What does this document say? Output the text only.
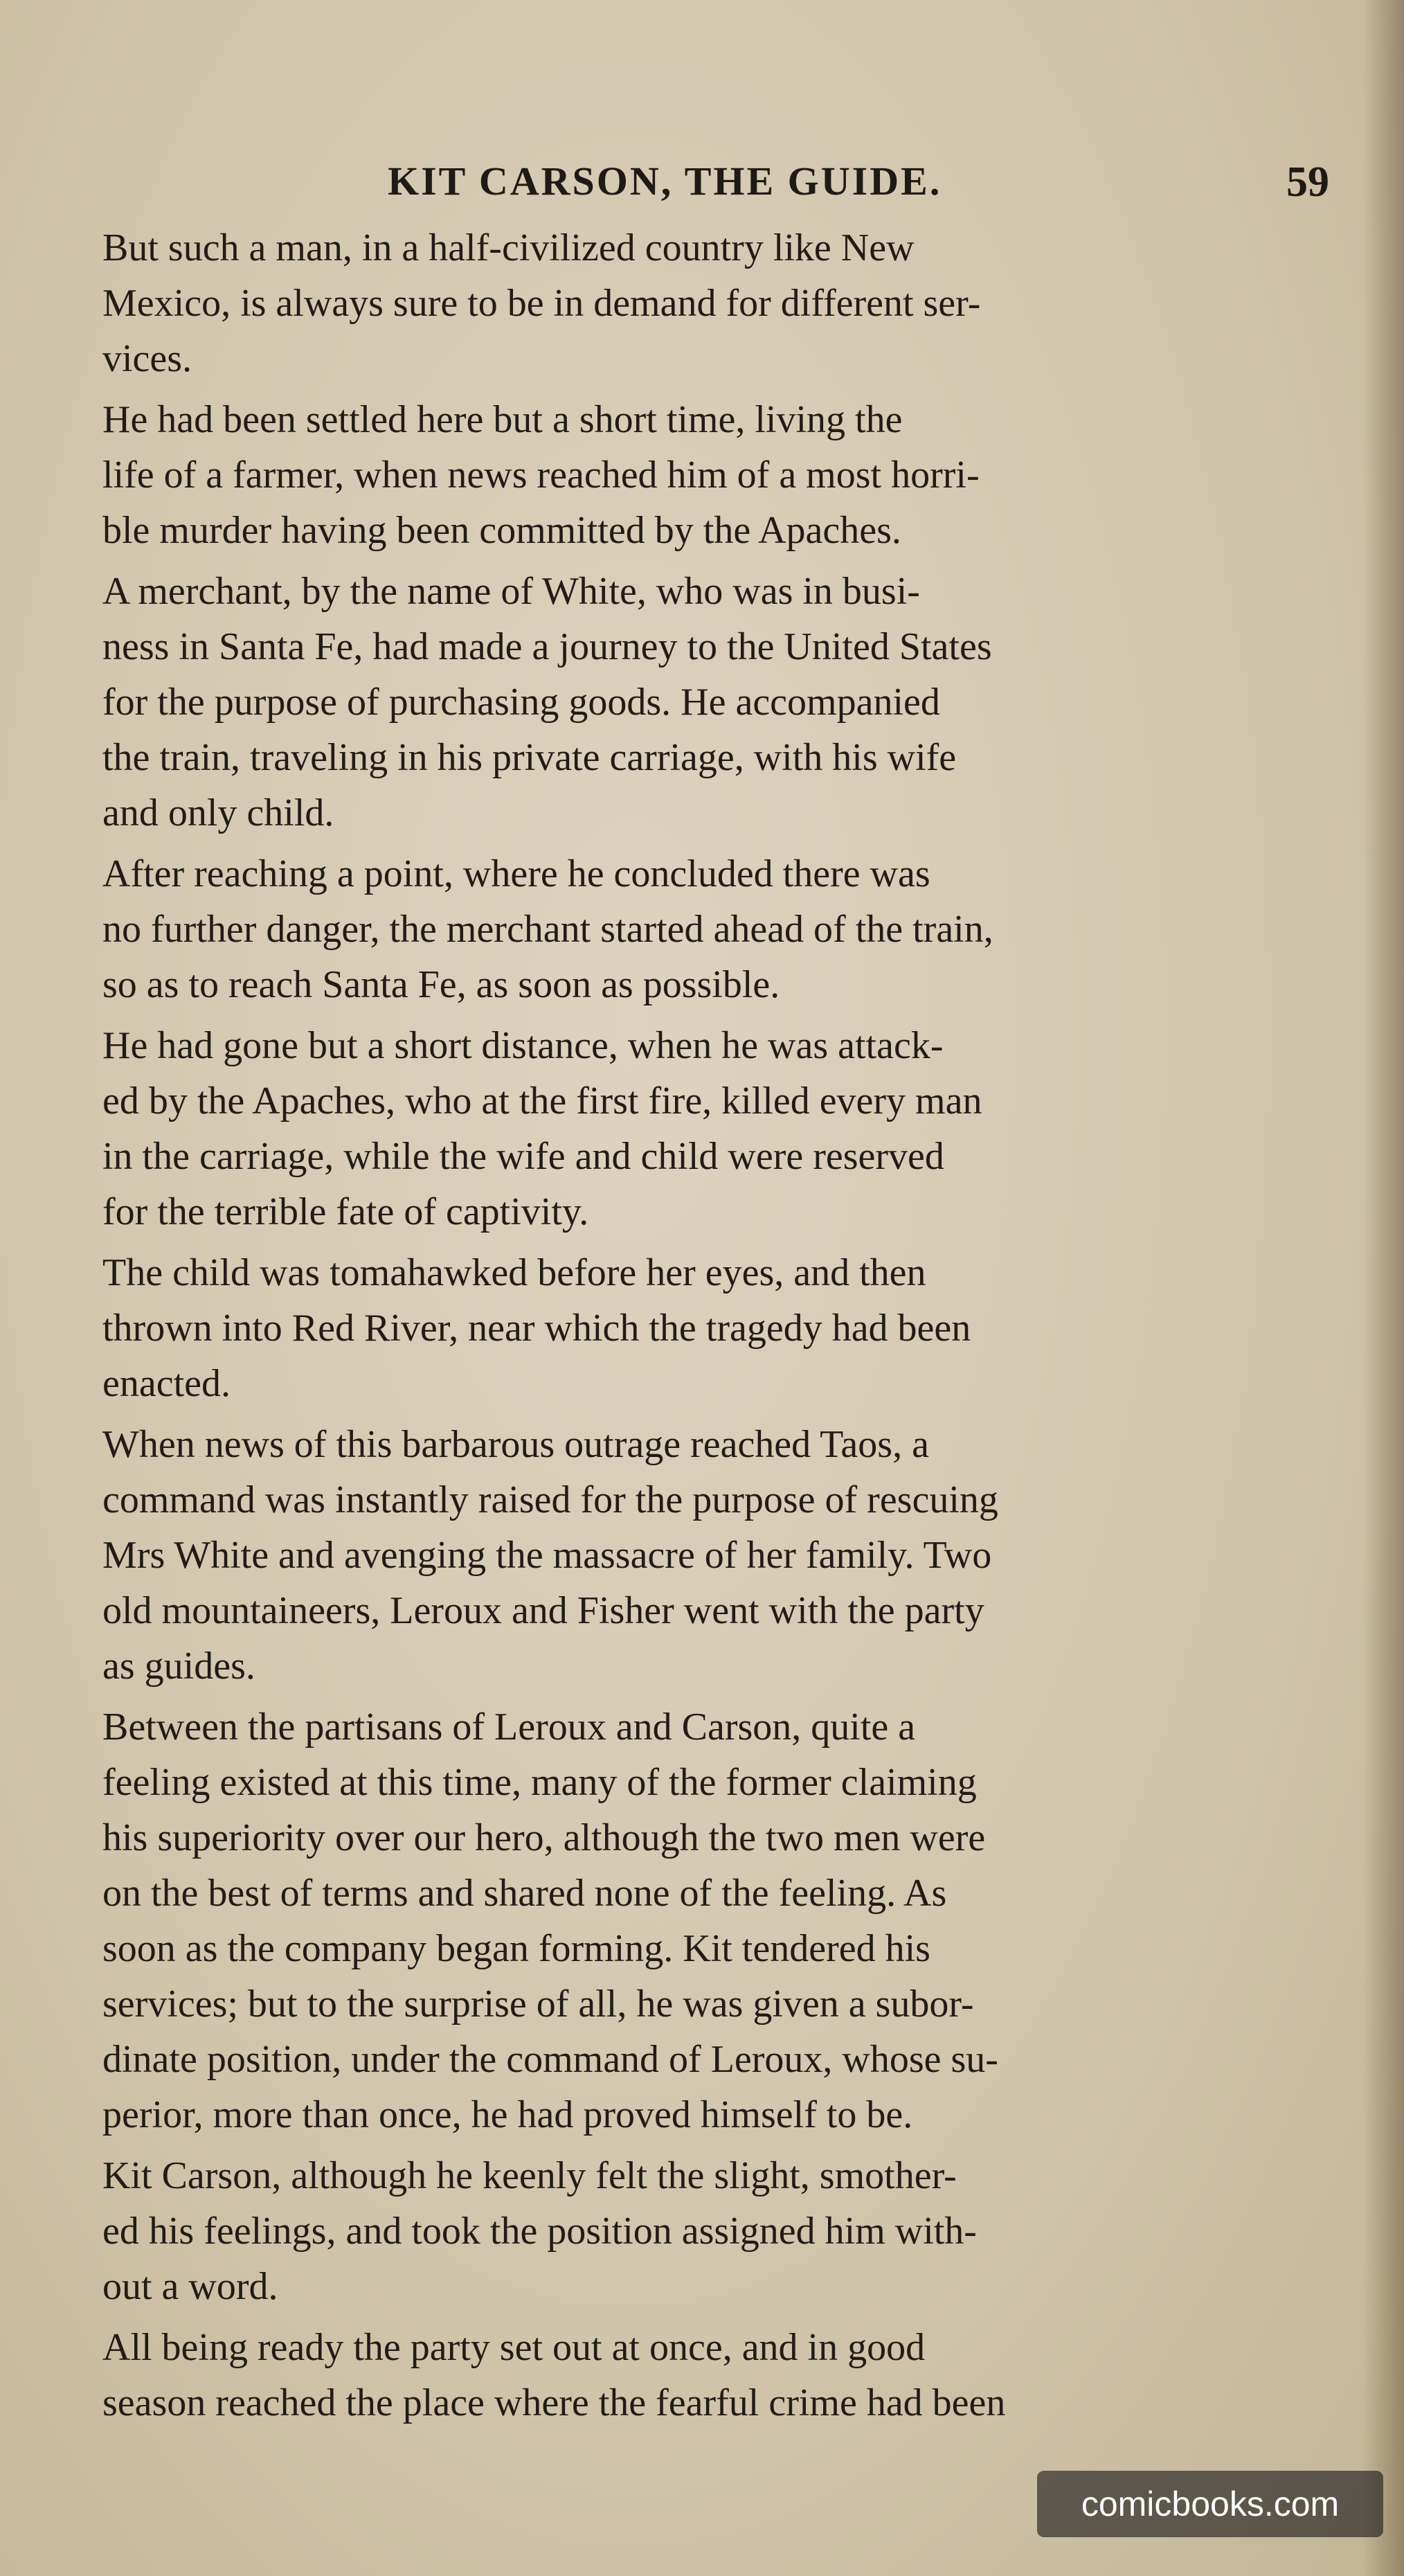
KIT CARSON, THE GUIDE.	59
But such a man, in a half-civilized country like New
Mexico, is always sure to be in demand for different ser-
vices.
He had been settled here but a short time, living the
life of a farmer, when news reached him of a most horri-
ble murder having been committed by the Apaches.
A merchant, by the name of White, who was in busi-
ness in Santa Fe, had made a journey to the United States
for the purpose of purchasing goods. He accompanied
the train, traveling in his private carriage, with his wife
and only child.
After reaching a point, where he concluded there was
no further danger, the merchant started ahead of the train,
so as to reach Santa Fe, as soon as possible.
He had gone but a short distance, when he was attack-
ed by the Apaches, who at the first fire, killed every man
in the carriage, while the wife and child were reserved
for the terrible fate of captivity.
The child was tomahawked before her eyes, and then
thrown into Red River, near which the tragedy had been
enacted.
When news of this barbarous outrage reached Taos, a
command was instantly raised for the purpose of rescuing
Mrs White and avenging the massacre of her family. Two
old mountaineers, Leroux and Fisher went with the party
as guides.
Between the partisans of Leroux and Carson, quite a
feeling existed at this time, many of the former claiming
his superiority over our hero, although the two men were
on the best of terms and shared none of the feeling. As
soon as the company began forming. Kit tendered his
services; but to the surprise of all, he was given a subor-
dinate position, under the command of Leroux, whose su-
perior, more than once, he had proved himself to be.
Kit Carson, although he keenly felt the slight, smother-
ed his feelings, and took the position assigned him with-
out a word.
All being ready the party set out at once, and in good
season reached the place where the fearful crime had been
comicbooks.com
